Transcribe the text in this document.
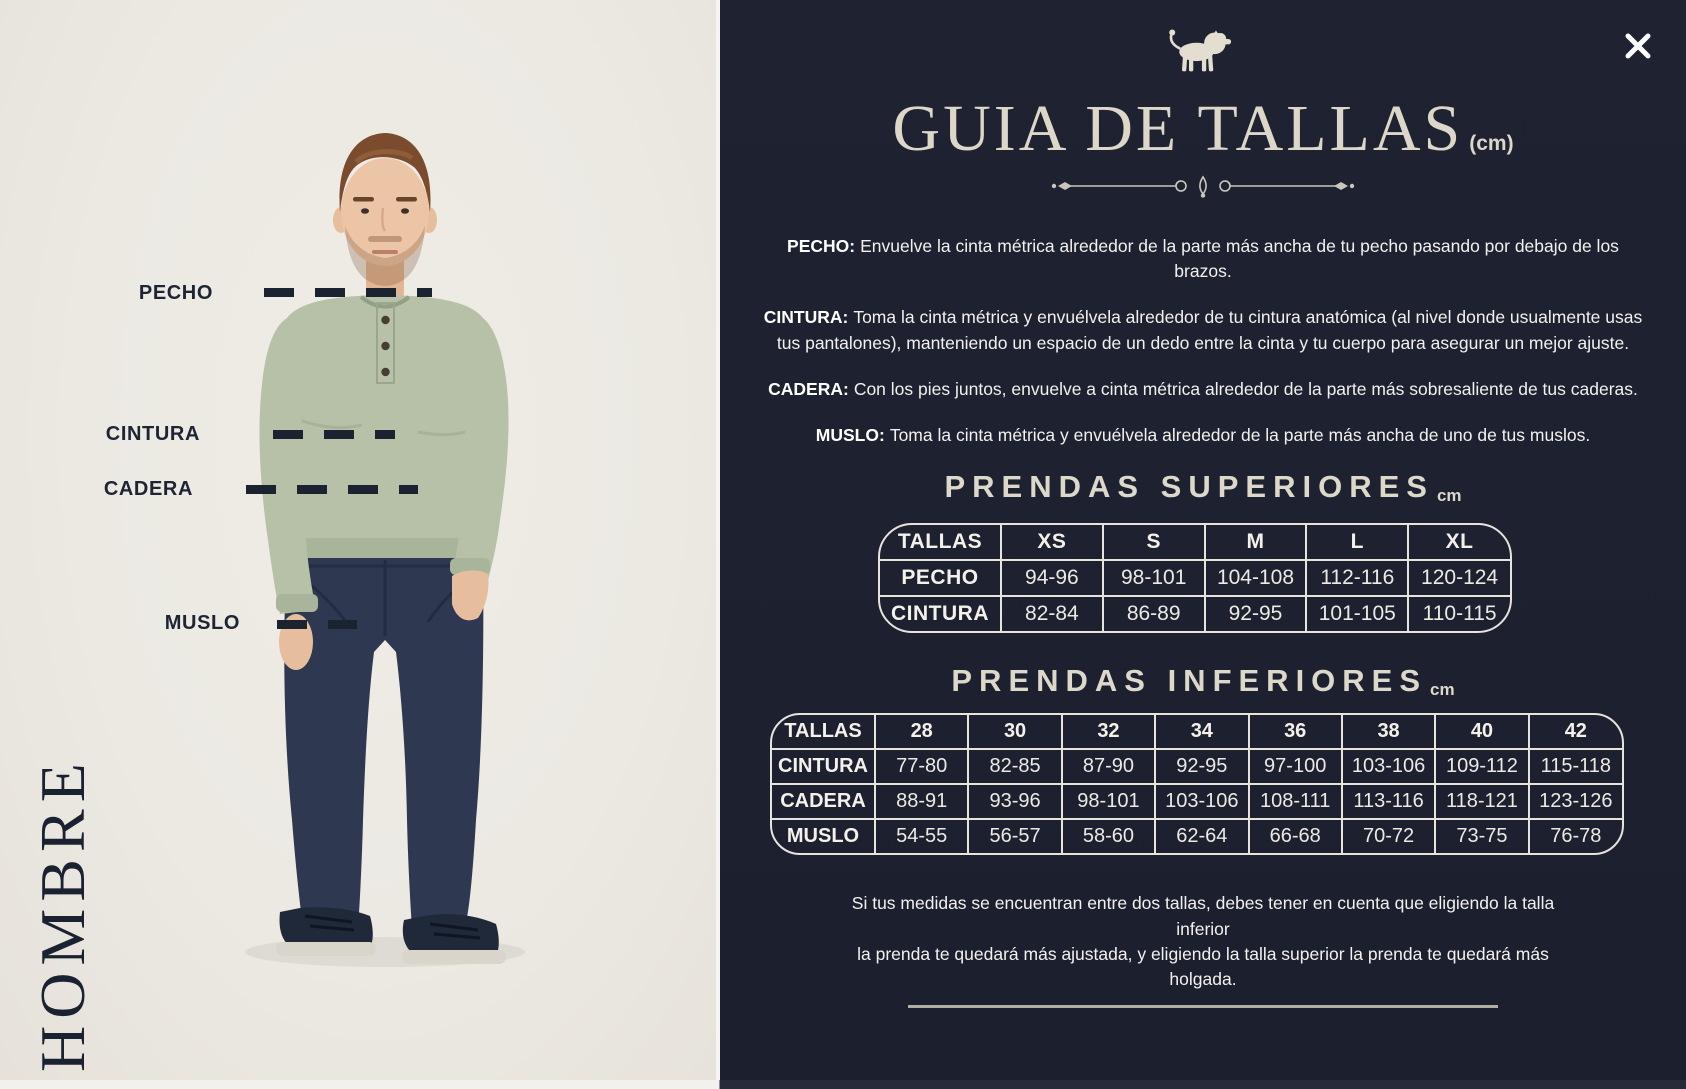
PECHO
CINTURA
CADERA
MUSLO
HOMBRE
GUIA DE TALLAS (cm)

PECHO: Envuelve la cinta métrica alrededor de la parte más ancha de tu pecho pasando por debajo de los brazos.

CINTURA: Toma la cinta métrica y envuélvela alrededor de tu cintura anatómica (al nivel donde usualmente usas tus pantalones), manteniendo un espacio de un dedo entre la cinta y tu cuerpo para asegurar un mejor ajuste.

CADERA: Con los pies juntos, envuelve a cinta métrica alrededor de la parte más sobresaliente de tus caderas.

MUSLO: Toma la cinta métrica y envuélvela alrededor de la parte más ancha de uno de tus muslos.

PRENDAS SUPERIORES cm
TALLAS	XS	S	M	L	XL
PECHO	94-96	98-101	104-108	112-116	120-124
CINTURA	82-84	86-89	92-95	101-105	110-115
PRENDAS INFERIORES cm
TALLAS	28	30	32	34	36	38	40	42
CINTURA	77-80	82-85	87-90	92-95	97-100	103-106	109-112	115-118
CADERA	88-91	93-96	98-101	103-106	108-111	113-116	118-121	123-126
MUSLO	54-55	56-57	58-60	62-64	66-68	70-72	73-75	76-78

Si tus medidas se encuentran entre dos tallas, debes tener en cuenta que eligiendo la talla inferior

la prenda te quedará más ajustada, y eligiendo la talla superior la prenda te quedará más holgada.
